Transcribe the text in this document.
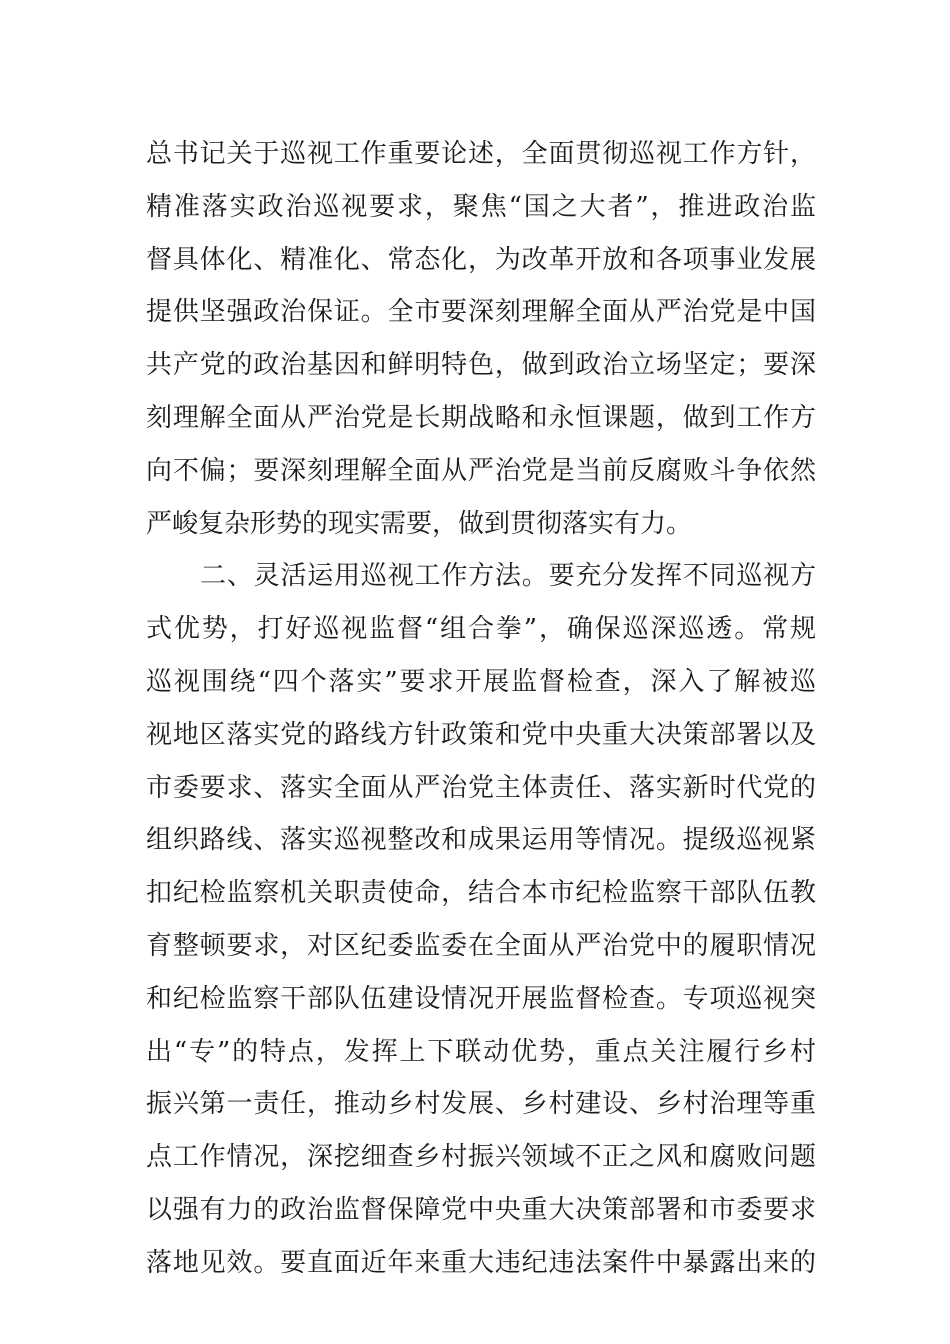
总书记关于巡视工作重要论述，全面贯彻巡视工作方针，
精准落实政治巡视要求，聚焦“国之大者”，推进政治监
督具体化、精准化、常态化，为改革开放和各项事业发展
提供坚强政治保证。全市要深刻理解全面从严治党是中国
共产党的政治基因和鲜明特色，做到政治立场坚定；要深
刻理解全面从严治党是长期战略和永恒课题，做到工作方
向不偏；要深刻理解全面从严治党是当前反腐败斗争依然
严峻复杂形势的现实需要，做到贯彻落实有力。
二、灵活运用巡视工作方法。要充分发挥不同巡视方
式优势，打好巡视监督“组合拳”，确保巡深巡透。常规
巡视围绕“四个落实”要求开展监督检查，深入了解被巡
视地区落实党的路线方针政策和党中央重大决策部署以及
市委要求、落实全面从严治党主体责任、落实新时代党的
组织路线、落实巡视整改和成果运用等情况。提级巡视紧
扣纪检监察机关职责使命，结合本市纪检监察干部队伍教
育整顿要求，对区纪委监委在全面从严治党中的履职情况
和纪检监察干部队伍建设情况开展监督检查。专项巡视突
出“专”的特点，发挥上下联动优势，重点关注履行乡村
振兴第一责任，推动乡村发展、乡村建设、乡村治理等重
点工作情况，深挖细查乡村振兴领域不正之风和腐败问题
以强有力的政治监督保障党中央重大决策部署和市委要求
落地见效。要直面近年来重大违纪违法案件中暴露出来的
